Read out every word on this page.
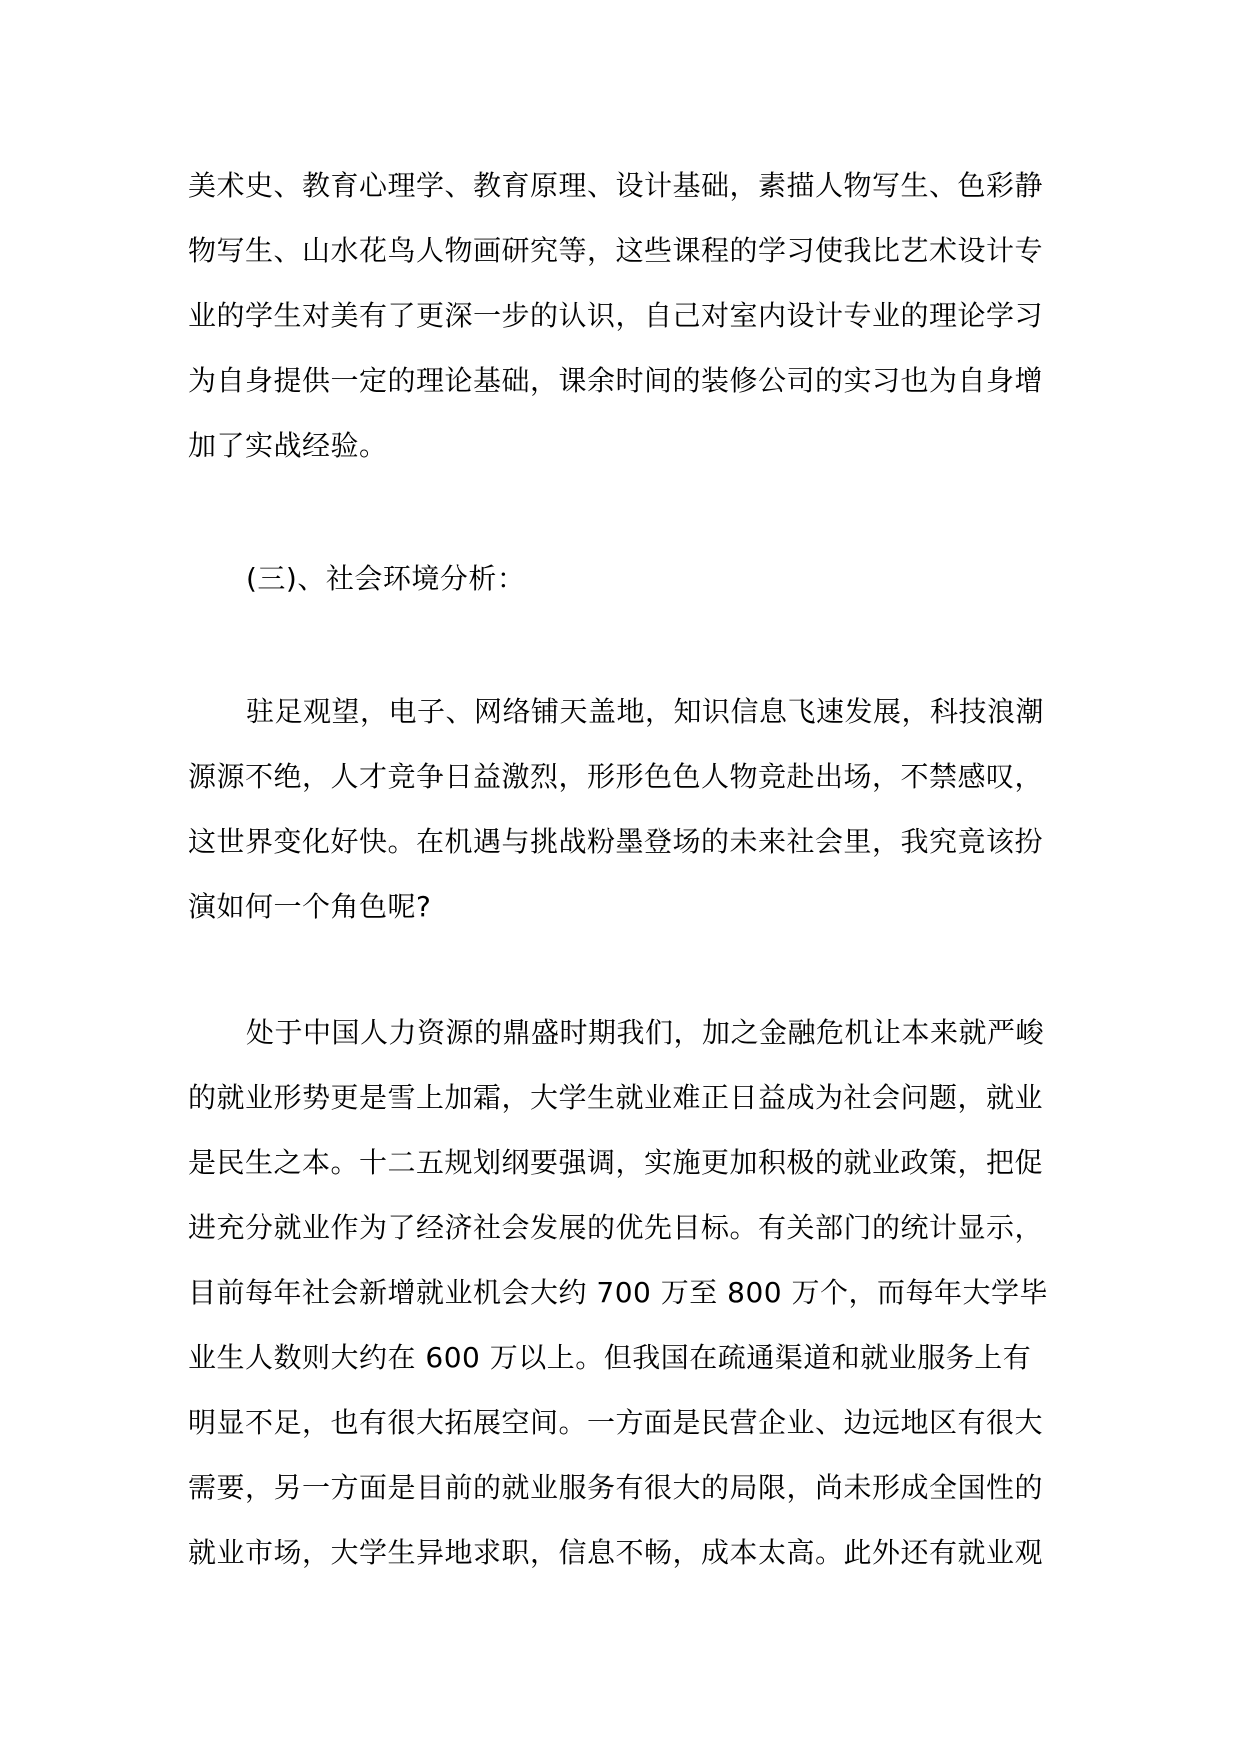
美术史、教育心理学、教育原理、设计基础，素描人物写生、色彩静
物写生、山水花鸟人物画研究等，这些课程的学习使我比艺术设计专
业的学生对美有了更深一步的认识，自己对室内设计专业的理论学习
为自身提供一定的理论基础，课余时间的装修公司的实习也为自身增
加了实战经验。
(三)、社会环境分析：
驻足观望，电子、网络铺天盖地，知识信息飞速发展，科技浪潮
源源不绝，人才竞争日益激烈，形形色色人物竞赴出场，不禁感叹，
这世界变化好快。在机遇与挑战粉墨登场的未来社会里，我究竟该扮
演如何一个角色呢?
处于中国人力资源的鼎盛时期我们，加之金融危机让本来就严峻
的就业形势更是雪上加霜，大学生就业难正日益成为社会问题，就业
是民生之本。十二五规划纲要强调，实施更加积极的就业政策，把促
进充分就业作为了经济社会发展的优先目标。有关部门的统计显示，
目前每年社会新增就业机会大约 700 万至 800 万个，而每年大学毕
业生人数则大约在 600 万以上。但我国在疏通渠道和就业服务上有
明显不足，也有很大拓展空间。一方面是民营企业、边远地区有很大
需要，另一方面是目前的就业服务有很大的局限，尚未形成全国性的
就业市场，大学生异地求职，信息不畅，成本太高。此外还有就业观
